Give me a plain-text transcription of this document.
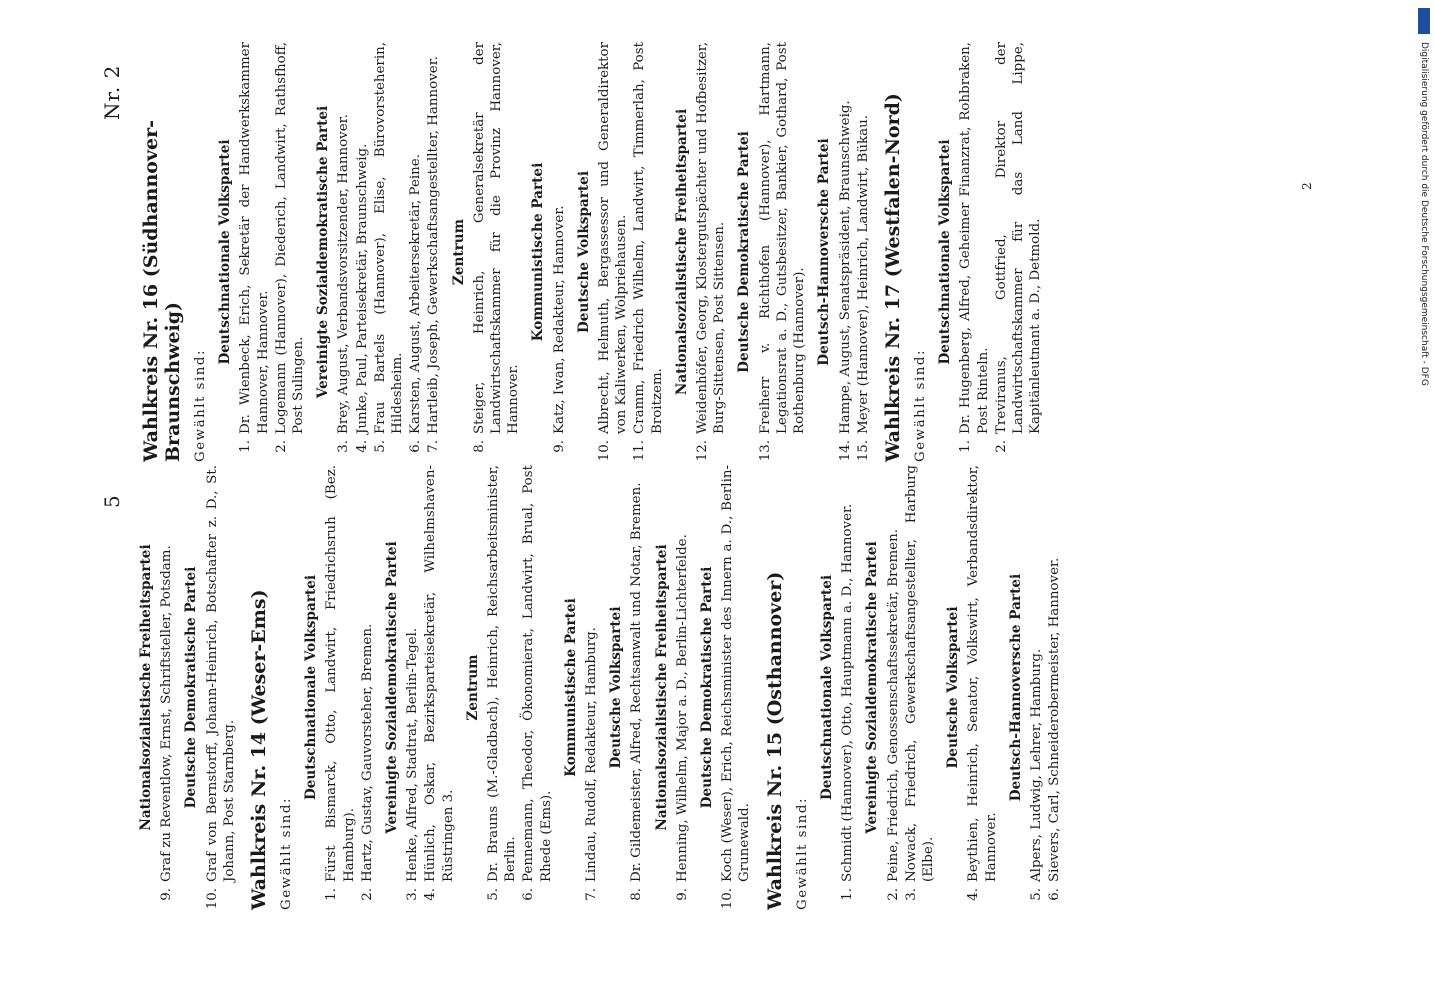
5
Nr. 2
2
Nationalsozialistische Freiheitspartei
9.
Graf zu Reventlow, Ernst, Schriftsteller, Potsdam. Deutsche Demokratische Partei
10.
Graf von Bernstorff, Johann-Heinrich, Botschafter z. D., St. Johann, Post Starnberg. Wahlkreis Nr. 14 (Weser-Ems) Gewählt sind:
Deutschnationale Volkspartei
1.
Fürst Bismarck, Otto, Landwirt, Friedrichsruh (Bez. Hamburg).
2.
Hartz, Gustav, Gauvorsteher, Bremen. Vereinigte Sozialdemokratische Partei
3.
Henke, Alfred, Stadtrat, Berlin-Tegel.
4.
Hünlich, Oskar, Bezirksparteisekretär, Wilhelmshaven-Rüstringen 3.
Zentrum
5.
Dr. Brauns (M.-Gladbach), Heinrich, Reichsarbeitsminister, Berlin.
6.
Pennemann, Theodor, Ökonomierat, Landwirt, Brual, Post Rhede (Ems).
Kommunistische Partei
7.
Lindau, Rudolf, Redakteur, Hamburg. Deutsche Volkspartei
8.
Dr. Gildemeister, Alfred, Rechtsanwalt und Notar, Bremen. Nationalsozialistische Freiheitspartei
9.
Henning, Wilhelm, Major a. D., Berlin-Lichterfelde. Deutsche Demokratische Partei
10.
Koch (Weser), Erich, Reichsminister des Innern a. D., Berlin-Grunewald. Wahlkreis Nr. 15 (Osthannover) Gewählt sind:
Deutschnationale Volkspartei
1.
Schmidt (Hannover), Otto, Hauptmann a. D., Hannover. Vereinigte Sozialdemokratische Partei
2.
Peine, Friedrich, Genossenschaftssekretär, Bremen.
3.
Nowack, Friedrich, Gewerkschaftsangestellter, Harburg (Elbe).
Deutsche Volkspartei
4.
Beythien, Heinrich, Senator, Volkswirt, Verbandsdirektor, Hannover.
Deutsch-Hannoversche Partei
5.
Alpers, Ludwig, Lehrer, Hamburg.
6.
Sievers, Carl, Schneiderobermeister, Hannover.
Wahlkreis Nr. 16 (Südhannover-Braunschweig) Gewählt sind:
Deutschnationale Volkspartei
1.
Dr. Wienbeck, Erich, Sekretär der Handwerkskammer Hannover, Hannover.
2.
Logemann (Hannover), Diederich, Landwirt, Rathsfhoff, Post Sulingen. Vereinigte Sozialdemokratische Partei
3.
Brey, August, Verbandsvorsitzender, Hannover.
4.
Junke, Paul, Parteisekretär, Braunschweig.
5.
Frau Bartels (Hannover), Elise, Bürovorsteherin, Hildesheim.
6.
Karsten, August, Arbeitersekretär, Peine.
7.
Hartleib, Joseph, Gewerkschaftsangestellter, Hannover. Zentrum
8.
Steiger, Heinrich, Generalsekretär der Landwirtschaftskammer für die Provinz Hannover, Hannover.
Kommunistische Partei
9.
Katz, Iwan, Redakteur, Hannover. Deutsche Volkspartei
10.
Albrecht, Helmuth, Bergassessor und Generaldirektor von Kaliwerken, Wolpriehausen.
11.
Cramm, Friedrich Wilhelm, Landwirt, Timmerlah, Post Broitzem.
Nationalsozialistische Freiheitspartei
12.
Weidenhöfer, Georg, Klostergutspächter und Hofbesitzer, Burg-Sittensen, Post Sittensen. Deutsche Demokratische Partei
13.
Freiherr v. Richthofen (Hannover), Hartmann, Legationsrat a. D., Gutsbesitzer, Bankier, Gothard, Post Rothenburg (Hannover). Deutsch-Hannoversche Partei
14.
Hampe, August, Senatspräsident, Braunschweig.
15.
Meyer (Hannover), Heinrich, Landwirt, Bükau. Wahlkreis Nr. 17 (Westfalen-Nord) Gewählt sind:
Deutschnationale Volkspartei
1.
Dr. Hugenberg, Alfred, Geheimer Finanzrat, Rohbraken, Post Rinteln.
2.
Treviranus, Gottfried, Direktor der Landwirtschaftskammer für das Land Lippe, Kapitänleutnant a. D., Detmold.	Digitalisierung gefördert durch die Deutsche Forschungsgemeinschaft - DFG
